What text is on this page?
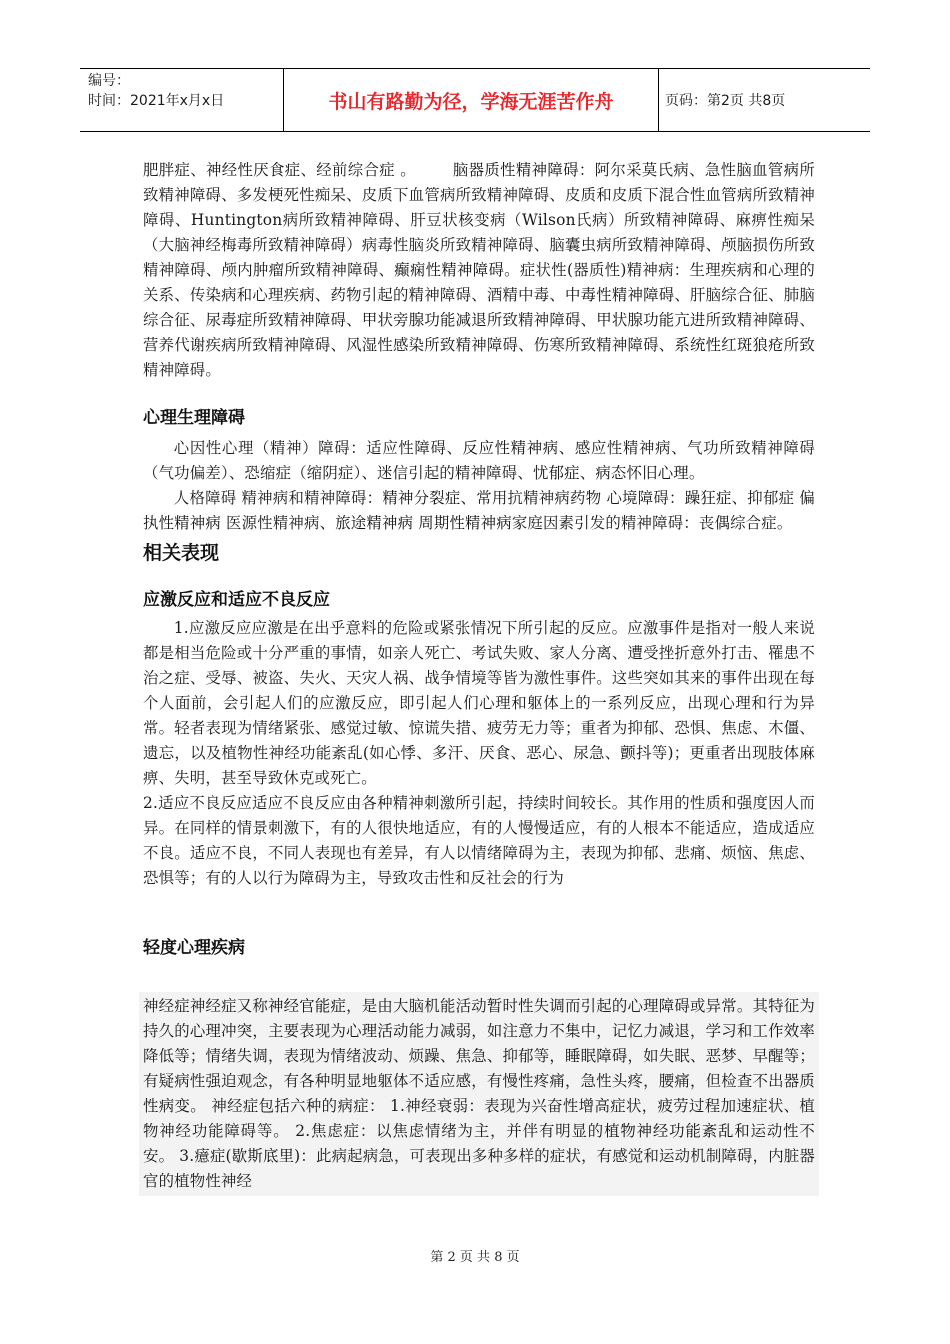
编号：
时间：2021年x月x日	书山有路勤为径，学海无涯苦作舟	页码：第2页 共8页

肥胖症、神经性厌食症、经前综合症 。       脑器质性精神障碍：阿尔采莫氏病、急性脑血管病所致精神障碍、多发梗死性痴呆、皮质下血管病所致精神障碍、皮质和皮质下混合性血管病所致精神障碍、Huntington病所致精神障碍、肝豆状核变病（Wilson氏病）所致精神障碍、麻痹性痴呆（大脑神经梅毒所致精神障碍）病毒性脑炎所致精神障碍、脑囊虫病所致精神障碍、颅脑损伤所致精神障碍、颅内肿瘤所致精神障碍、癫痫性精神障碍。症状性(器质性)精神病：生理疾病和心理的关系、传染病和心理疾病、药物引起的精神障碍、酒精中毒、中毒性精神障碍、肝脑综合征、肺脑综合征、尿毒症所致精神障碍、甲状旁腺功能减退所致精神障碍、甲状腺功能亢进所致精神障碍、营养代谢疾病所致精神障碍、风湿性感染所致精神障碍、伤寒所致精神障碍、系统性红斑狼疮所致精神障碍。

心理生理障碍

心因性心理（精神）障碍：适应性障碍、反应性精神病、感应性精神病、气功所致精神障碍（气功偏差）、恐缩症（缩阴症）、迷信引起的精神障碍、忧郁症、病态怀旧心理。

人格障碍 精神病和精神障碍：精神分裂症、常用抗精神病药物 心境障碍：躁狂症、抑郁症 偏执性精神病 医源性精神病、旅途精神病 周期性精神病家庭因素引发的精神障碍：丧偶综合症。

相关表现
应激反应和适应不良反应

1.应激反应应激是在出乎意料的危险或紧张情况下所引起的反应。应激事件是指对一般人来说都是相当危险或十分严重的事情，如亲人死亡、考试失败、家人分离、遭受挫折意外打击、罹患不治之症、受辱、被盗、失火、天灾人祸、战争情境等皆为激性事件。这些突如其来的事件出现在每个人面前，会引起人们的应激反应，即引起人们心理和躯体上的一系列反应，出现心理和行为异常。轻者表现为情绪紧张、感觉过敏、惊谎失措、疲劳无力等；重者为抑郁、恐惧、焦虑、木僵、遗忘，以及植物性神经功能紊乱(如心悸、多汗、厌食、恶心、尿急、颤抖等)；更重者出现肢体麻痹、失明，甚至导致休克或死亡。

2.适应不良反应适应不良反应由各种精神刺激所引起，持续时间较长。其作用的性质和强度因人而异。在同样的情景刺激下，有的人很快地适应，有的人慢慢适应，有的人根本不能适应，造成适应不良。适应不良，不同人表现也有差异，有人以情绪障碍为主，表现为抑郁、悲痛、烦恼、焦虑、恐惧等；有的人以行为障碍为主，导致攻击性和反社会的行为

轻度心理疾病

神经症神经症又称神经官能症，是由大脑机能活动暂时性失调而引起的心理障碍或异常。其特征为持久的心理冲突，主要表现为心理活动能力减弱，如注意力不集中，记忆力减退，学习和工作效率降低等；情绪失调，表现为情绪波动、烦躁、焦急、抑郁等，睡眠障碍，如失眠、恶梦、早醒等；有疑病性强迫观念，有各种明显地躯体不适应感，有慢性疼痛，急性头疼，腰痛，但检查不出器质性病变。 神经症包括六种的病症： 1.神经衰弱：表现为兴奋性增高症状，疲劳过程加速症状、植物神经功能障碍等。 2.焦虑症：以焦虑情绪为主，并伴有明显的植物神经功能紊乱和运动性不安。 3.癔症(歇斯底里)：此病起病急，可表现出多种多样的症状，有感觉和运动机制障碍，内脏器官的植物性神经

第 2 页 共 8 页
